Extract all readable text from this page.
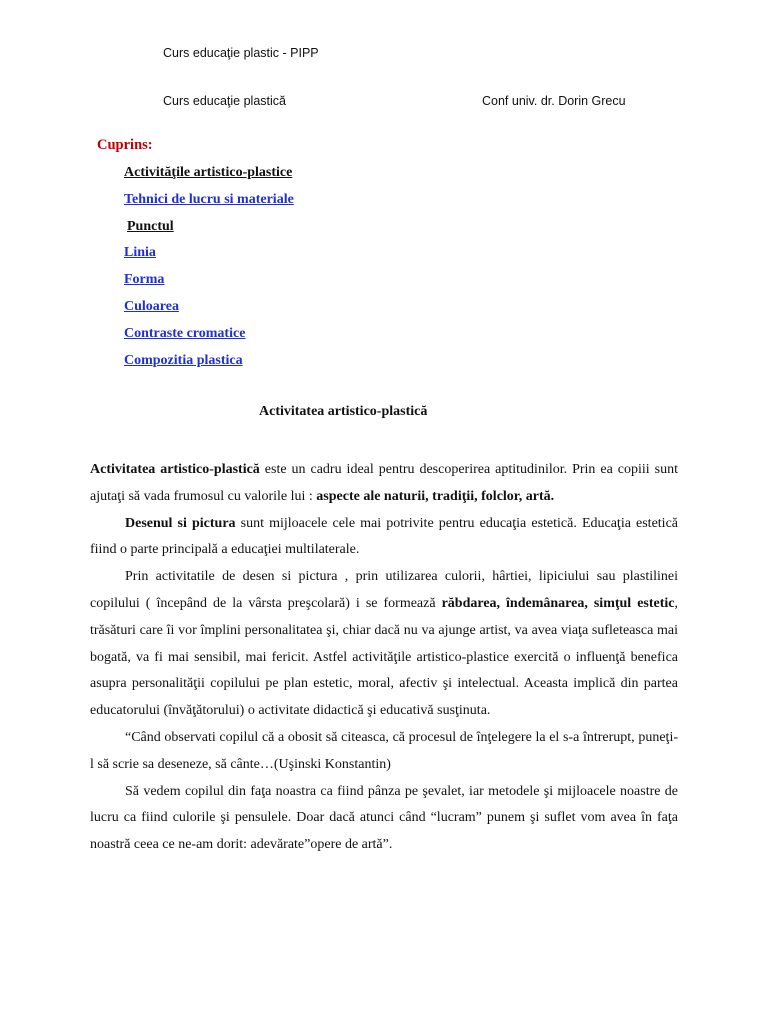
Curs educaţie plastic - PIPP
Curs educaţie plastică	Conf univ. dr. Dorin Grecu
Cuprins:
Activităţile artistico-plastice
Tehnici de lucru si materiale
Punctul
Linia
Forma
Culoarea
Contraste cromatice
Compozitia plastica
Activitatea artistico-plastică

Activitatea artistico-plastică este un cadru ideal pentru descoperirea aptitudinilor. Prin ea copiii sunt ajutaţi să vada frumosul cu valorile lui : aspecte ale naturii, tradiţii, folclor, artă.

Desenul si pictura sunt mijloacele cele mai potrivite pentru educaţia estetică. Educaţia estetică fiind o parte principală a educaţiei multilaterale.

Prin activitatile de desen si pictura , prin utilizarea culorii, hârtiei, lipiciului sau plastilinei copilului ( începând de la vârsta preşcolară) i se formează răbdarea, îndemânarea, simţul estetic, trăsături care îi vor împlini personalitatea şi, chiar dacă nu va ajunge artist, va avea viaţa sufleteasca mai bogată, va fi mai sensibil, mai fericit. Astfel activităţile artistico-plastice exercită o influenţă benefica asupra personalităţii copilului pe plan estetic, moral, afectiv şi intelectual. Aceasta implică din partea educatorului (învăţătorului) o activitate didactică şi educativă susţinuta.

“Când observati copilul că a obosit să citeasca, că procesul de înţelegere la el s-a întrerupt, puneţi-l să scrie sa deseneze, să cânte…(Uşinski Konstantin)

Să vedem copilul din faţa noastra ca fiind pânza pe şevalet, iar metodele şi mijloacele noastre de lucru ca fiind culorile şi pensulele. Doar dacă atunci când “lucram” punem şi suflet vom avea în faţa noastră ceea ce ne-am dorit: adevărate”opere de artă”.
